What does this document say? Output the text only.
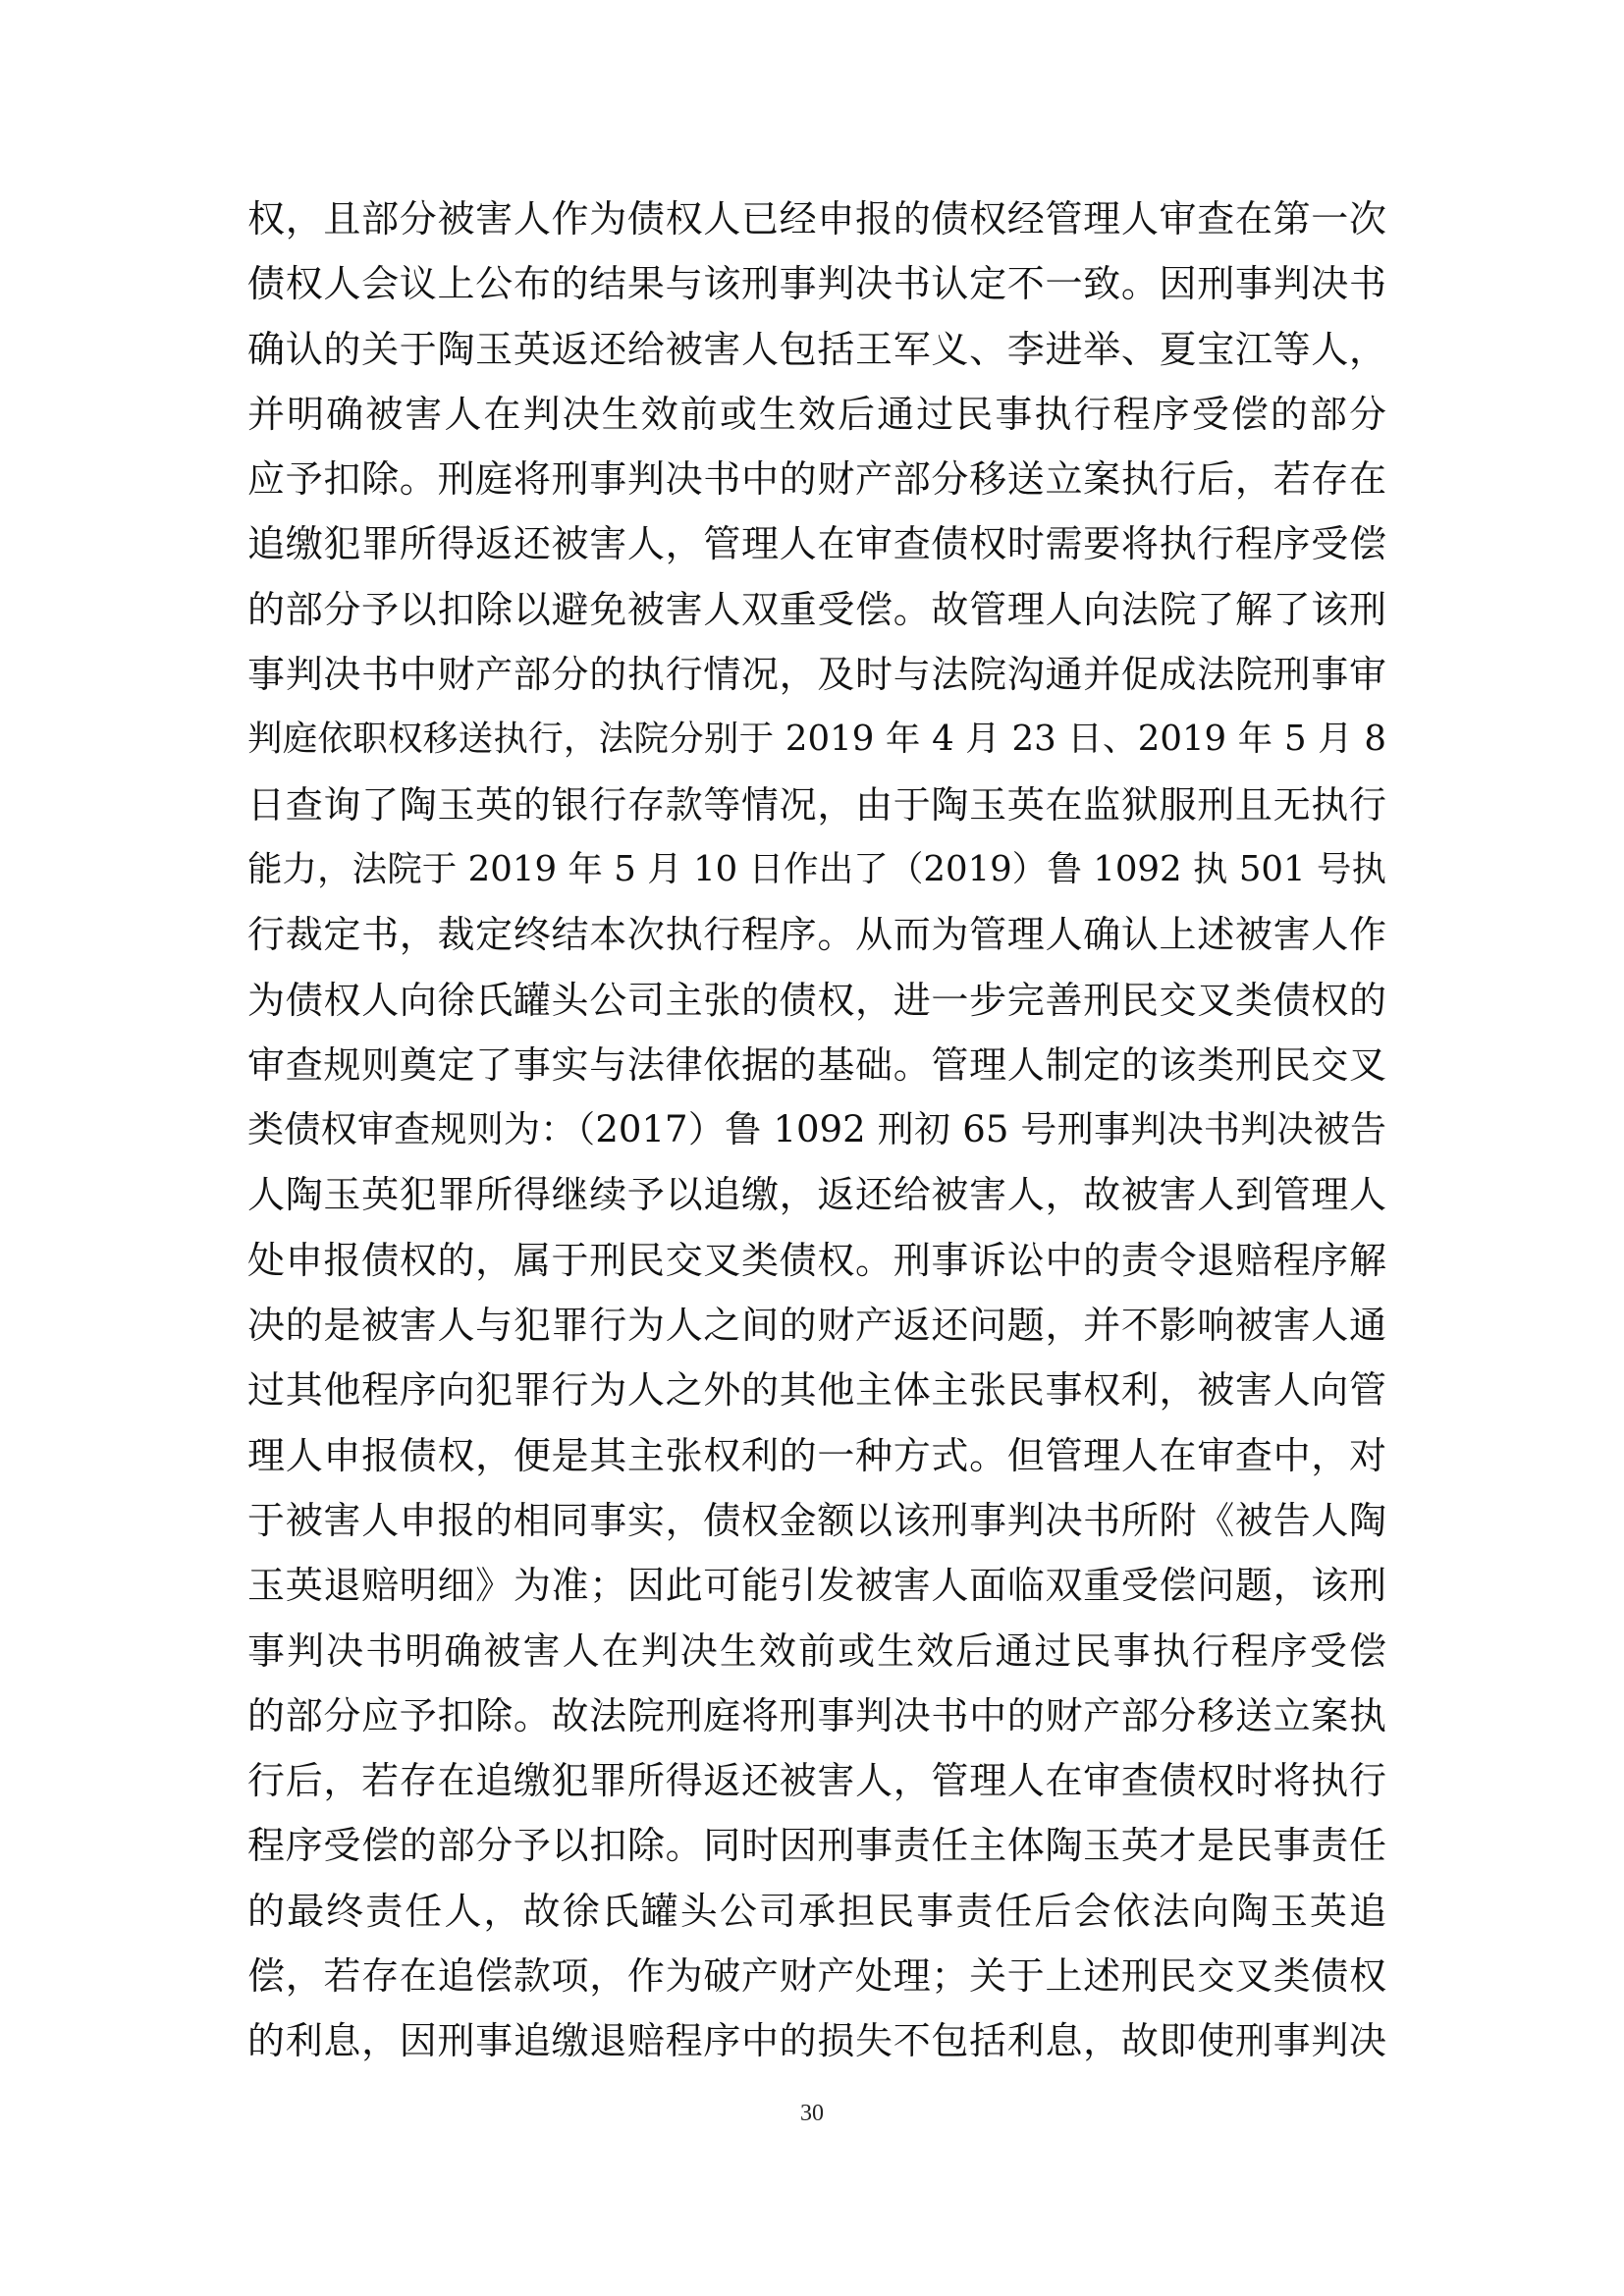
权，且部分被害人作为债权人已经申报的债权经管理人审查在第一次
债权人会议上公布的结果与该刑事判决书认定不一致。因刑事判决书
确认的关于陶玉英返还给被害人包括王军义、李进举、夏宝江等人，
并明确被害人在判决生效前或生效后通过民事执行程序受偿的部分
应予扣除。刑庭将刑事判决书中的财产部分移送立案执行后，若存在
追缴犯罪所得返还被害人，管理人在审查债权时需要将执行程序受偿
的部分予以扣除以避免被害人双重受偿。故管理人向法院了解了该刑
事判决书中财产部分的执行情况，及时与法院沟通并促成法院刑事审
判庭依职权移送执行，法院分别于 2019 年 4 月 23 日、2019 年 5 月 8
日查询了陶玉英的银行存款等情况，由于陶玉英在监狱服刑且无执行
能力，法院于 2019 年 5 月 10 日作出了（2019）鲁 1092 执 501 号执
行裁定书，裁定终结本次执行程序。从而为管理人确认上述被害人作
为债权人向徐氏罐头公司主张的债权，进一步完善刑民交叉类债权的
审查规则奠定了事实与法律依据的基础。管理人制定的该类刑民交叉
类债权审查规则为：（2017）鲁 1092 刑初 65 号刑事判决书判决被告
人陶玉英犯罪所得继续予以追缴，返还给被害人，故被害人到管理人
处申报债权的，属于刑民交叉类债权。刑事诉讼中的责令退赔程序解
决的是被害人与犯罪行为人之间的财产返还问题，并不影响被害人通
过其他程序向犯罪行为人之外的其他主体主张民事权利，被害人向管
理人申报债权，便是其主张权利的一种方式。但管理人在审查中，对
于被害人申报的相同事实，债权金额以该刑事判决书所附《被告人陶
玉英退赔明细》为准；因此可能引发被害人面临双重受偿问题，该刑
事判决书明确被害人在判决生效前或生效后通过民事执行程序受偿
的部分应予扣除。故法院刑庭将刑事判决书中的财产部分移送立案执
行后，若存在追缴犯罪所得返还被害人，管理人在审查债权时将执行
程序受偿的部分予以扣除。同时因刑事责任主体陶玉英才是民事责任
的最终责任人，故徐氏罐头公司承担民事责任后会依法向陶玉英追
偿，若存在追偿款项，作为破产财产处理；关于上述刑民交叉类债权
的利息，因刑事追缴退赔程序中的损失不包括利息，故即使刑事判决
30
